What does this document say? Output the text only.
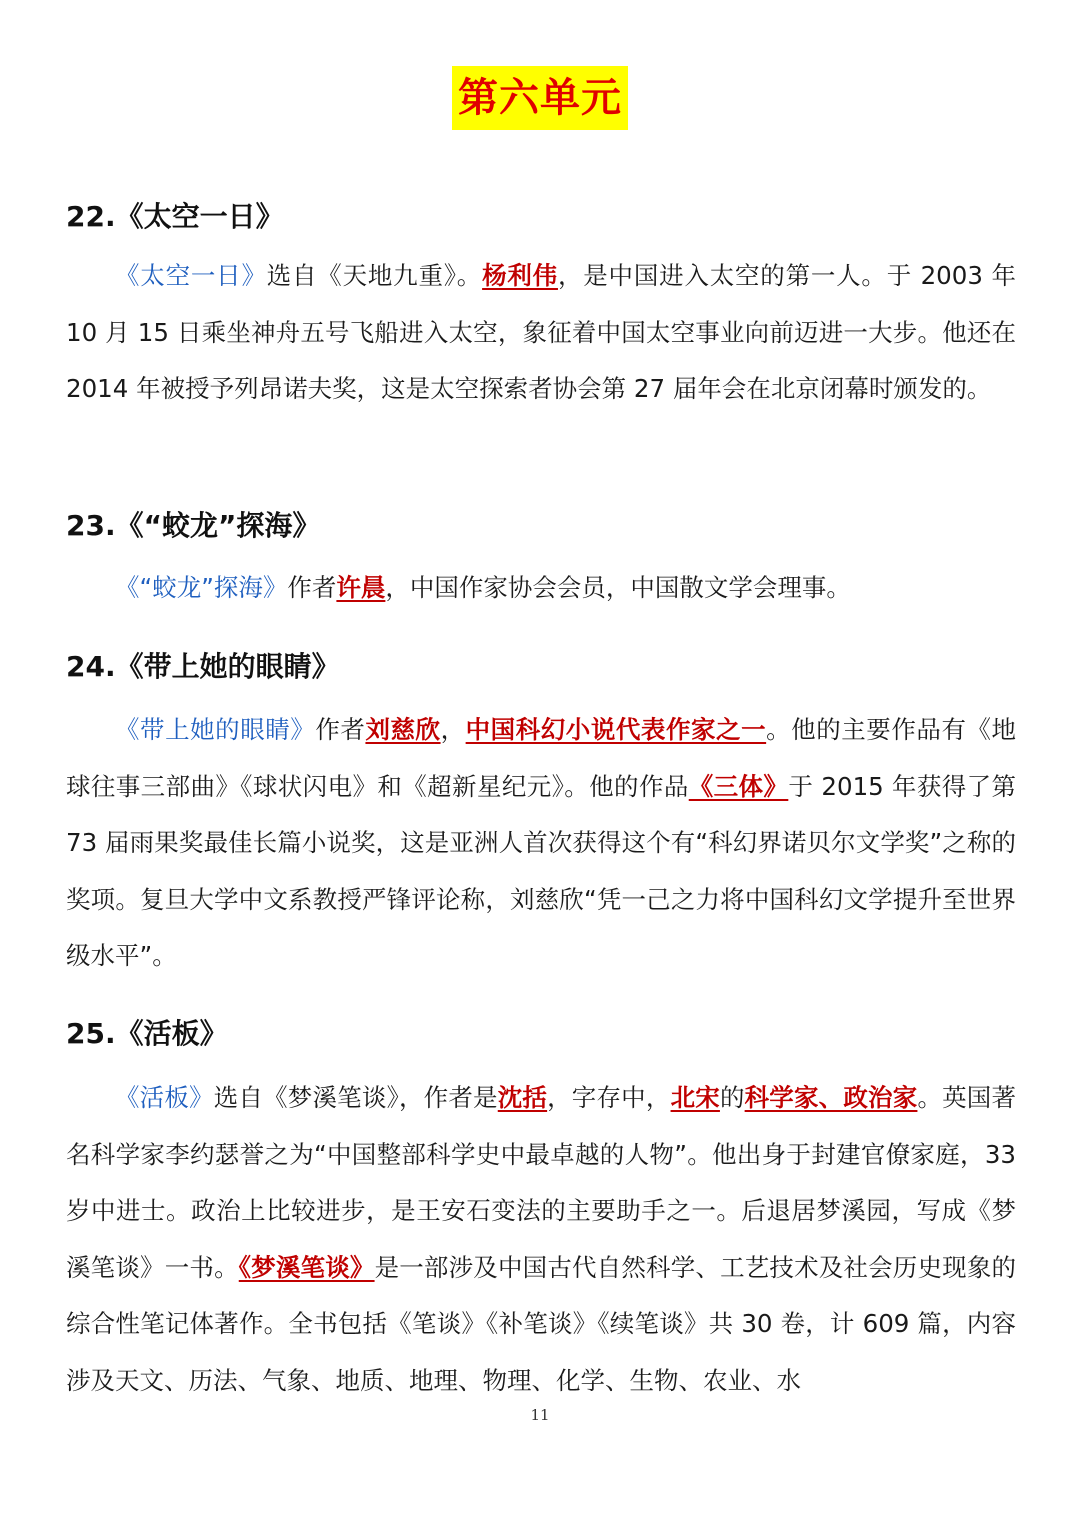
第六单元
22.《太空一日》
《太空一日》选自《天地九重》。杨利伟，是中国进入太空的第一人。于 2003 年 10 月 15 日乘坐神舟五号飞船进入太空，象征着中国太空事业向前迈进一大步。他还在 2014 年被授予列昂诺夫奖，这是太空探索者协会第 27 届年会在北京闭幕时颁发的。
23.《“蛟龙”探海》
《“蛟龙”探海》作者许晨，中国作家协会会员，中国散文学会理事。
24.《带上她的眼睛》
《带上她的眼睛》作者刘慈欣，中国科幻小说代表作家之一。他的主要作品有《地球往事三部曲》《球状闪电》和《超新星纪元》。他的作品《三体》于 2015 年获得了第 73 届雨果奖最佳长篇小说奖，这是亚洲人首次获得这个有“科幻界诺贝尔文学奖”之称的奖项。复旦大学中文系教授严锋评论称，刘慈欣“凭一己之力将中国科幻文学提升至世界级水平”。
25.《活板》
《活板》选自《梦溪笔谈》，作者是沈括，字存中，北宋的科学家、政治家。英国著名科学家李约瑟誉之为“中国整部科学史中最卓越的人物”。他出身于封建官僚家庭，33 岁中进士。政治上比较进步，是王安石变法的主要助手之一。后退居梦溪园，写成《梦溪笔谈》一书。《梦溪笔谈》是一部涉及中国古代自然科学、工艺技术及社会历史现象的综合性笔记体著作。全书包括《笔谈》《补笔谈》《续笔谈》共 30 卷，计 609 篇，内容涉及天文、历法、气象、地质、地理、物理、化学、生物、农业、水
11
